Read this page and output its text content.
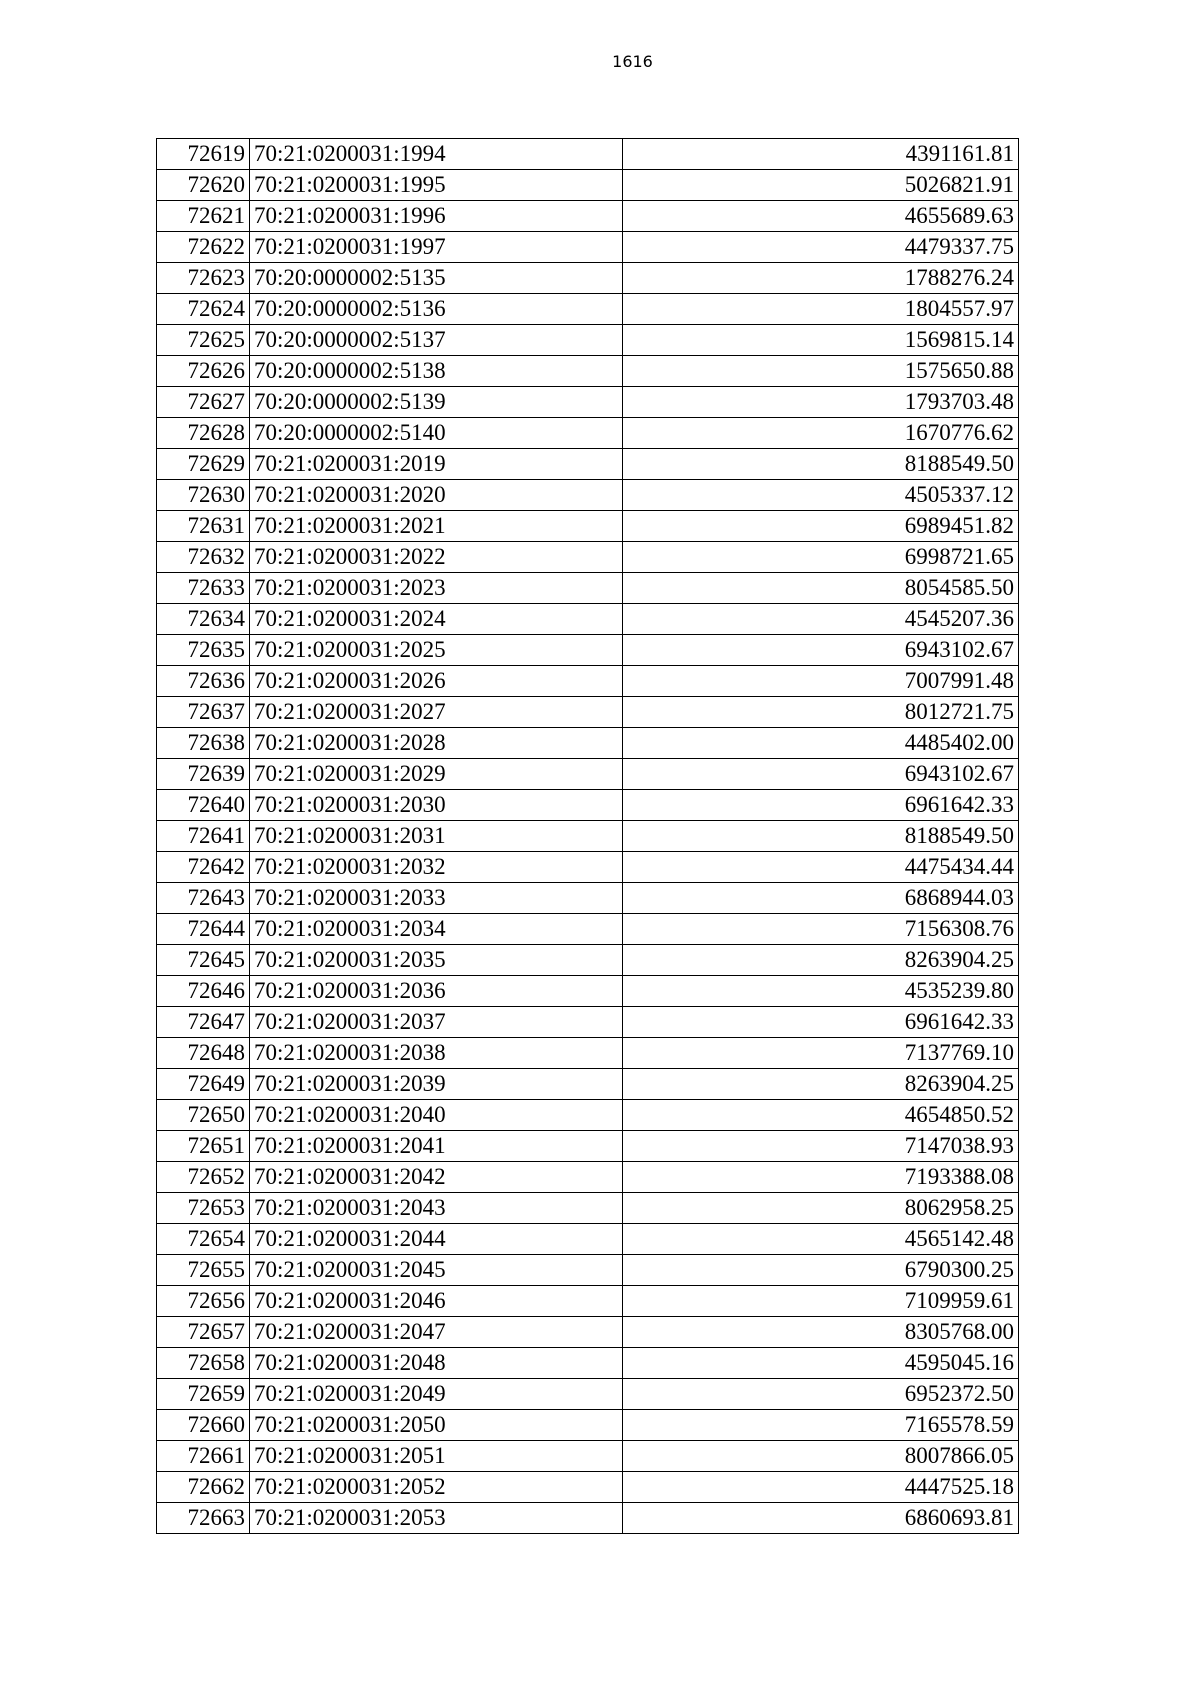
1616
72619	70:21:0200031:1994	4391161.81
72620	70:21:0200031:1995	5026821.91
72621	70:21:0200031:1996	4655689.63
72622	70:21:0200031:1997	4479337.75
72623	70:20:0000002:5135	1788276.24
72624	70:20:0000002:5136	1804557.97
72625	70:20:0000002:5137	1569815.14
72626	70:20:0000002:5138	1575650.88
72627	70:20:0000002:5139	1793703.48
72628	70:20:0000002:5140	1670776.62
72629	70:21:0200031:2019	8188549.50
72630	70:21:0200031:2020	4505337.12
72631	70:21:0200031:2021	6989451.82
72632	70:21:0200031:2022	6998721.65
72633	70:21:0200031:2023	8054585.50
72634	70:21:0200031:2024	4545207.36
72635	70:21:0200031:2025	6943102.67
72636	70:21:0200031:2026	7007991.48
72637	70:21:0200031:2027	8012721.75
72638	70:21:0200031:2028	4485402.00
72639	70:21:0200031:2029	6943102.67
72640	70:21:0200031:2030	6961642.33
72641	70:21:0200031:2031	8188549.50
72642	70:21:0200031:2032	4475434.44
72643	70:21:0200031:2033	6868944.03
72644	70:21:0200031:2034	7156308.76
72645	70:21:0200031:2035	8263904.25
72646	70:21:0200031:2036	4535239.80
72647	70:21:0200031:2037	6961642.33
72648	70:21:0200031:2038	7137769.10
72649	70:21:0200031:2039	8263904.25
72650	70:21:0200031:2040	4654850.52
72651	70:21:0200031:2041	7147038.93
72652	70:21:0200031:2042	7193388.08
72653	70:21:0200031:2043	8062958.25
72654	70:21:0200031:2044	4565142.48
72655	70:21:0200031:2045	6790300.25
72656	70:21:0200031:2046	7109959.61
72657	70:21:0200031:2047	8305768.00
72658	70:21:0200031:2048	4595045.16
72659	70:21:0200031:2049	6952372.50
72660	70:21:0200031:2050	7165578.59
72661	70:21:0200031:2051	8007866.05
72662	70:21:0200031:2052	4447525.18
72663	70:21:0200031:2053	6860693.81
